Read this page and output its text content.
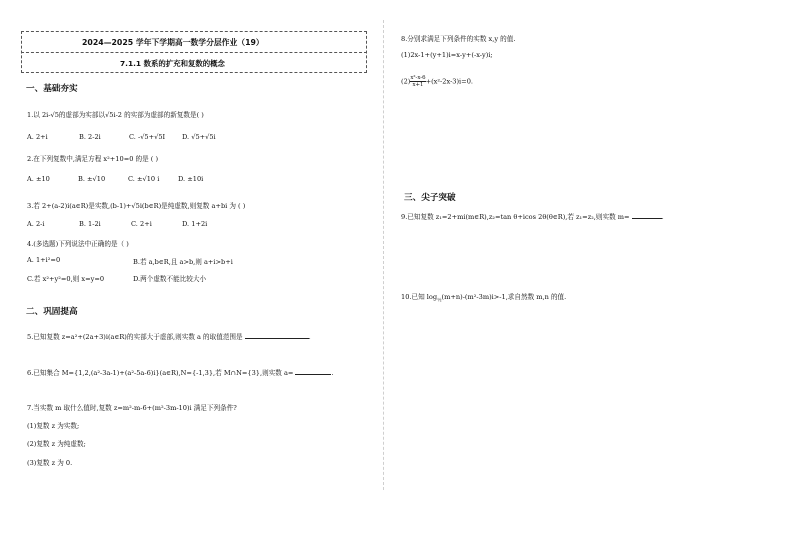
2024—2025 学年下学期高一数学分层作业（19）
7.1.1 数系的扩充和复数的概念
一、基础夯实
1.以 2i-√5的虚部为实部以√5i-2 的实部为虚部的新复数是( )
A. 2+i	B. 2-2i	C. -√5+√5I	D. √5+√5i
2.在下列复数中,满足方程 x²+10=0 的是 ( )
A. ±10	B. ±√10	C. ±√10 i	D. ±10i
3.若 2+(a-2)i(a∈R)是实数,(b-1)+√5i(b∈R)是纯虚数,则复数 a+bi 为 ( )
A. 2-i	B. 1-2i	C. 2+i	D. 1+2i
4.(多选题)下列说法中正确的是（ )
A. 1+i²=0	B.若 a,b∈R,且 a>b,则 a+i>b+i
C.若 x²+y²=0,则 x=y=0	D.两个虚数不能比较大小
二、巩固提高
5.已知复数 z=a²+(2a+3)i(a∈R)的实部大于虚部,则实数 a 的取值范围是	.
6.已知集合 M={1,2,(a²-3a-1)+(a²-5a-6)i}(a∈R),N={-1,3},若 M∩N={3},则实数 a=	.
7.当实数 m 取什么值时,复数 z=m²-m-6+(m²-3m-10)i 满足下列条件?
(1)复数 z 为实数;
(2)复数 z 为纯虚数;
(3)复数 z 为 0.
8.分别求满足下列条件的实数 x,y 的值.
(1)2x-1+(y+1)i=x-y+(-x-y)i;
$(2) \frac{\text{x²-x-6}}{x+1} +(x^2-2x-3)i=0$.
三、尖子突破
9.已知复数 z₁=2+mi(m∈R),z₂=tan θ+icos 2θ(θ∈R),若 z₁=z₂,则实数 m=	.
10.已知 $\log_{\frac{1}{2}}(m+n)-(m^2-3m)i>-1$,求自然数 m,n 的值.
